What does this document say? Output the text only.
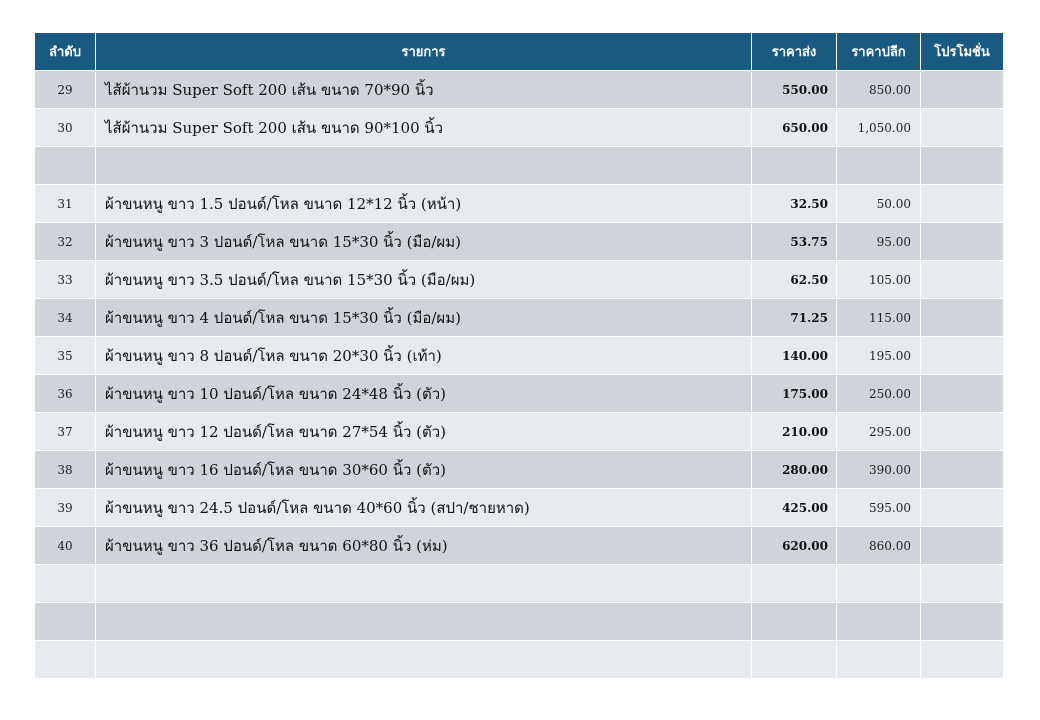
ลำดับ	รายการ	ราคาส่ง	ราคาปลีก	โปรโมชั่น
29	ไส้ผ้านวม Super Soft 200 เส้น ขนาด 70*90 นิ้ว	550.00	850.00	
30	ไส้ผ้านวม Super Soft 200 เส้น ขนาด 90*100 นิ้ว	650.00	1,050.00	

31	ผ้าขนหนู ขาว 1.5 ปอนด์/โหล ขนาด 12*12 นิ้ว (หน้า)	32.50	50.00	
32	ผ้าขนหนู ขาว 3 ปอนด์/โหล ขนาด 15*30 นิ้ว (มือ/ผม)	53.75	95.00	
33	ผ้าขนหนู ขาว 3.5 ปอนด์/โหล ขนาด 15*30 นิ้ว (มือ/ผม)	62.50	105.00	
34	ผ้าขนหนู ขาว 4 ปอนด์/โหล ขนาด 15*30 นิ้ว (มือ/ผม)	71.25	115.00	
35	ผ้าขนหนู ขาว 8 ปอนด์/โหล ขนาด 20*30 นิ้ว (เท้า)	140.00	195.00	
36	ผ้าขนหนู ขาว 10 ปอนด์/โหล ขนาด 24*48 นิ้ว (ตัว)	175.00	250.00	
37	ผ้าขนหนู ขาว 12 ปอนด์/โหล ขนาด 27*54 นิ้ว (ตัว)	210.00	295.00	
38	ผ้าขนหนู ขาว 16 ปอนด์/โหล ขนาด 30*60 นิ้ว (ตัว)	280.00	390.00	
39	ผ้าขนหนู ขาว 24.5 ปอนด์/โหล ขนาด 40*60 นิ้ว (สปา/ชายหาด)	425.00	595.00	
40	ผ้าขนหนู ขาว 36 ปอนด์/โหล ขนาด 60*80 นิ้ว (ห่ม)	620.00	860.00	
